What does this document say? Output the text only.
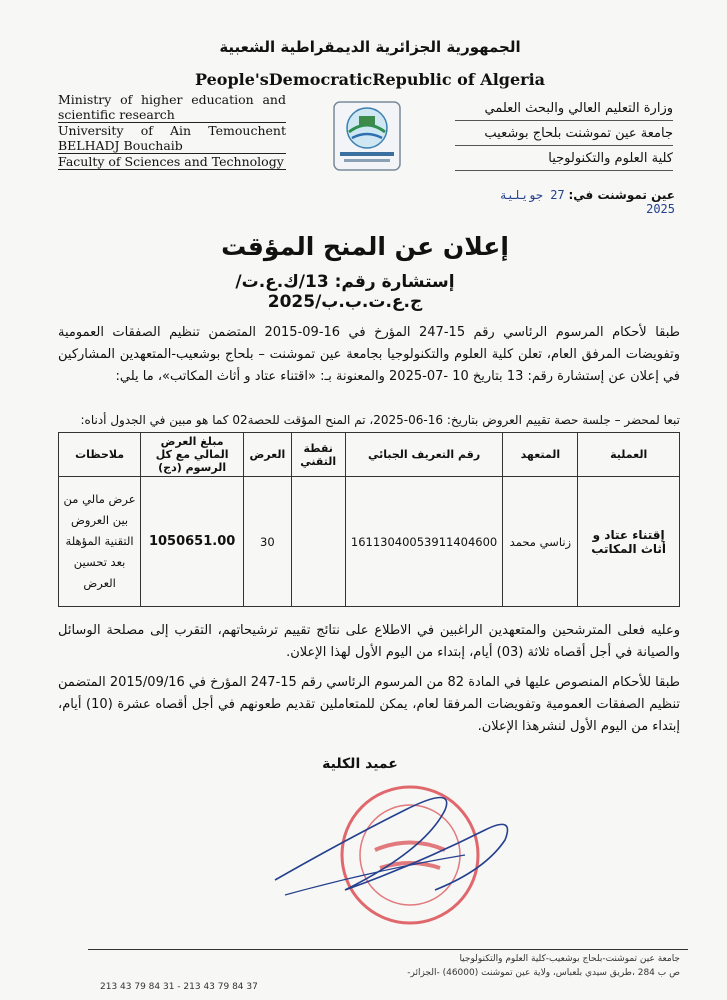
الجمهورية الجزائرية الديمقراطية الشعبية
People'sDemocraticRepublic of Algeria
Ministry of higher education and scientific research
University of Ain Temouchent BELHADJ Bouchaib
Faculty of Sciences and Technology
وزارة التعليم العالي والبحث العلمي
جامعة عين تموشنت بلحاج بوشعيب
كلية العلوم والتكنولوجيا
عين تموشنت في: 27 جويلية 2025
إعلان عن المنح المؤقت
إستشارة رقم: 13/ك.ع.ت/ج.ع.ت.ب.ب/2025
طبقا لأحكام المرسوم الرئاسي رقم 15-247 المؤرخ في 16-09-2015 المتضمن تنظيم الصفقات العمومية وتفويضات المرفق العام، تعلن كلية العلوم والتكنولوجيا بجامعة عين تموشنت – بلحاج بوشعيب-المتعهدين المشاركين في إعلان عن إستشارة رقم: 13 بتاريخ 10 -07-2025 والمعنونة بـ: «اقتناء عتاد و أثاث المكاتب»، ما يلي:
تبعا لمحضر – جلسة حصة تقييم العروض بتاريخ: 16-06-2025، تم المنح المؤقت للحصة02 كما هو مبين في الجدول أدناه:
العملية	المتعهد	رقم التعريف الجبائي	نقطة التقني	العرض	مبلغ العرض المالي مع كل الرسوم (دج)	ملاحظات
إقتناء عتاد و أثاث المكاتب	زناسي محمد	16113040053911404600		30	1050651.00	عرض مالي من بين العروض التقنية المؤهلة بعد تحسين العرض
وعليه فعلى المترشحين والمتعهدين الراغبين في الاطلاع على نتائج تقييم ترشيحاتهم، التقرب إلى مصلحة الوسائل والصيانة في أجل أقصاه ثلاثة (03) أيام، إبتداء من اليوم الأول لهذا الإعلان.
طبقا للأحكام المنصوص عليها في المادة 82 من المرسوم الرئاسي رقم 15-247 المؤرخ في 2015/09/16 المتضمن تنظيم الصفقات العمومية وتفويضات المرفقا لعام، يمكن للمتعاملين تقديم طعونهم في أجل أقصاه عشرة (10) أيام، إبتداء من اليوم الأول لنشرهذا الإعلان.
عميد الكلية
جامعة عين تموشنت-بلحاج بوشعيب-كلية العلوم والتكنولوجيا
ص ب 284 ،طريق سيدي بلعباس، ولاية عين تموشنت (46000) -الجزائر-
213 43 79 84 31 - 213 43 79 84 37
